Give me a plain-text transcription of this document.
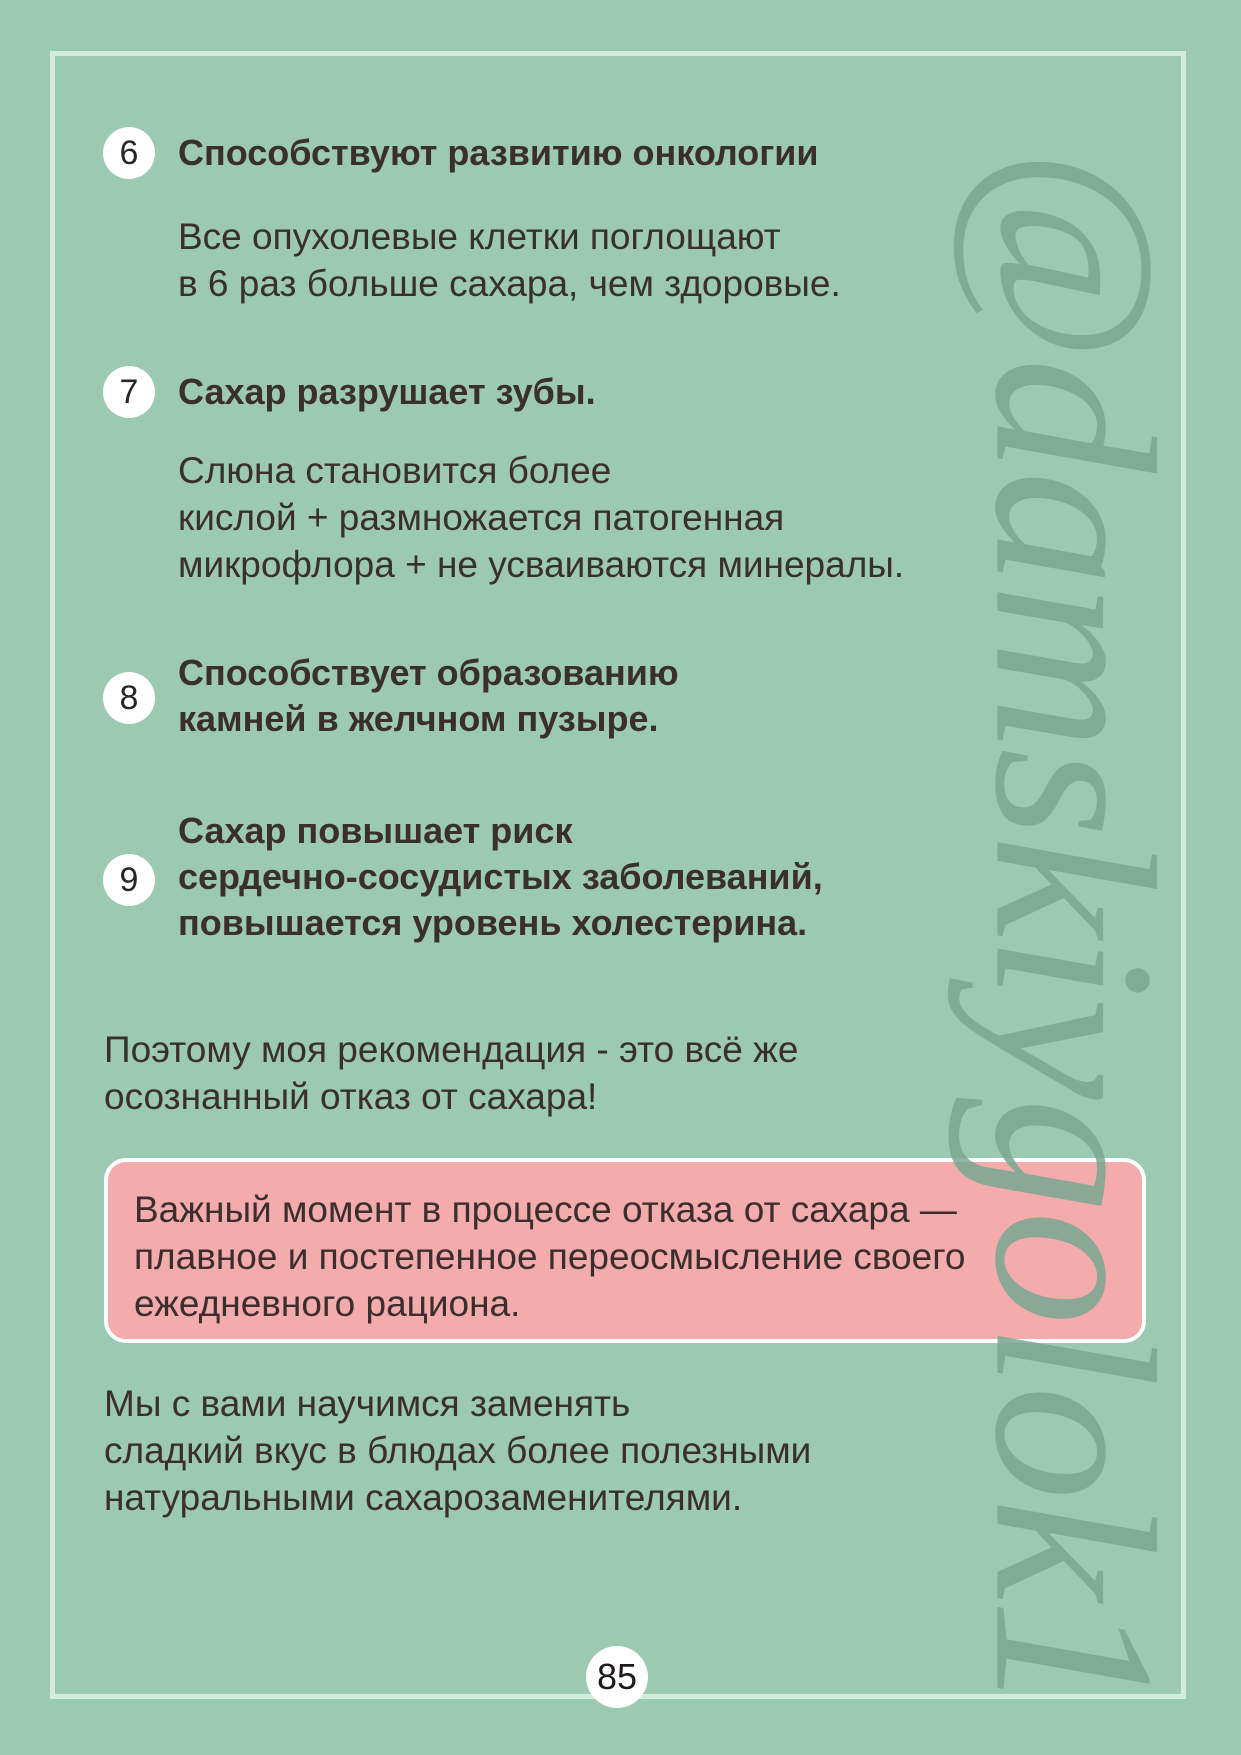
6	Способствуют развитию онкологии
Все опухолевые клетки поглощают
в 6 раз больше сахара, чем здоровые.
7	Сахар разрушает зубы.
Слюна становится более
кислой + размножается патогенная
микрофлора + не усваиваются минералы.
8
Способствует образованию
камней в желчном пузыре.
9
Сахар повышает риск
сердечно-сосудистых заболеваний,
повышается уровень холестерина.
Поэтому моя рекомендация - это всё же
осознанный отказ от сахара!
Важный момент в процессе отказа от сахара —
плавное и постепенное переосмысление своего
ежедневного рациона.
Мы с вами научимся заменять
сладкий вкус в блюдах более полезными
натуральными сахарозаменителями. @damskiygolok1
85
